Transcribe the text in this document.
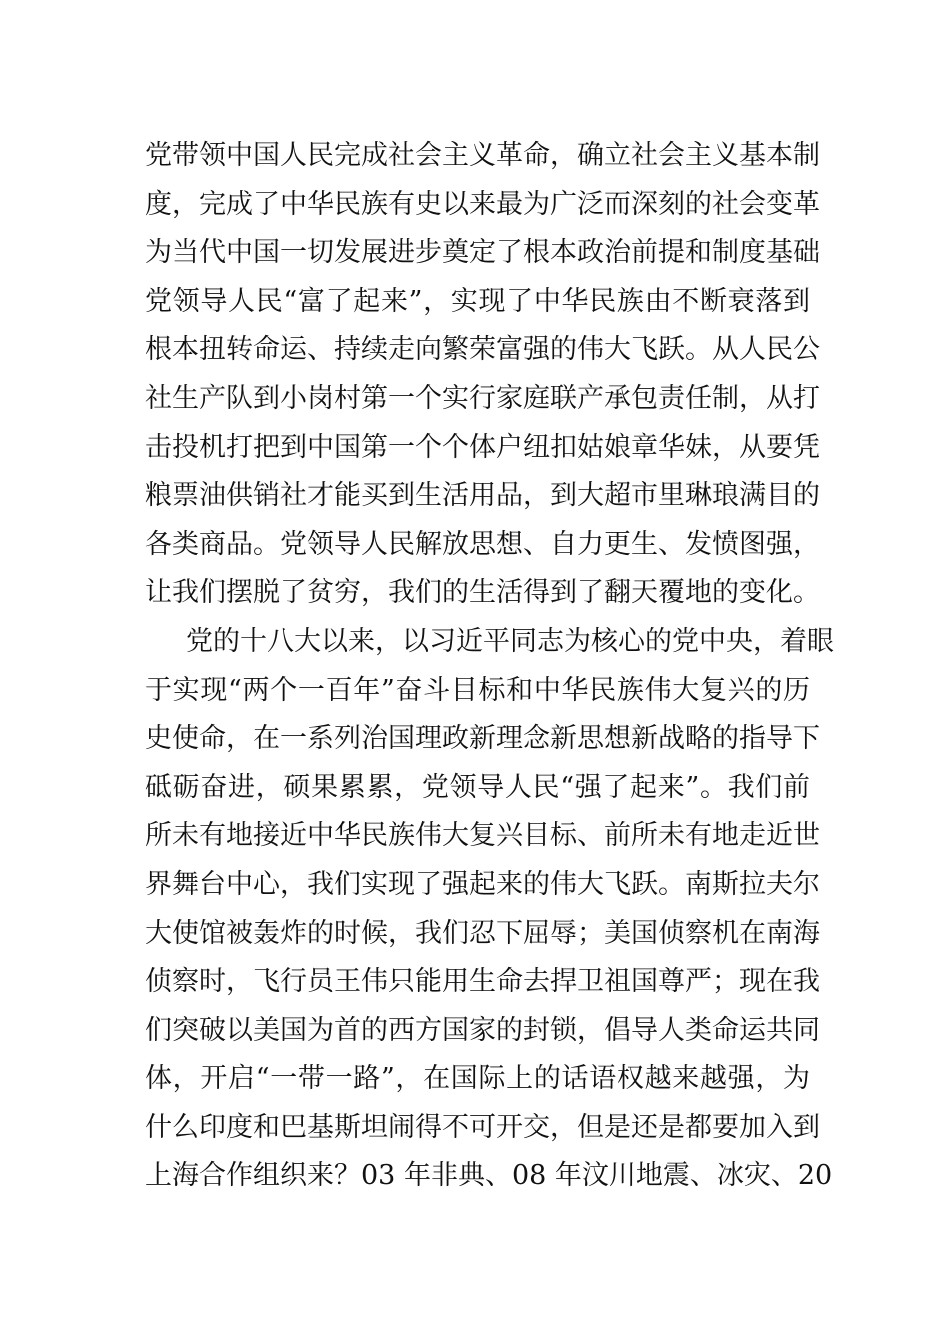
党带领中国人民完成社会主义革命，确立社会主义基本制
度，完成了中华民族有史以来最为广泛而深刻的社会变革
为当代中国一切发展进步奠定了根本政治前提和制度基础
党领导人民“富了起来”，实现了中华民族由不断衰落到
根本扭转命运、持续走向繁荣富强的伟大飞跃。从人民公
社生产队到小岗村第一个实行家庭联产承包责任制，从打
击投机打把到中国第一个个体户纽扣姑娘章华妹，从要凭
粮票油供销社才能买到生活用品，到大超市里琳琅满目的
各类商品。党领导人民解放思想、自力更生、发愤图强，
让我们摆脱了贫穷，我们的生活得到了翻天覆地的变化。
党的十八大以来，以习近平同志为核心的党中央，着眼
于实现“两个一百年”奋斗目标和中华民族伟大复兴的历
史使命，在一系列治国理政新理念新思想新战略的指导下
砥砺奋进，硕果累累，党领导人民“强了起来”。我们前
所未有地接近中华民族伟大复兴目标、前所未有地走近世
界舞台中心，我们实现了强起来的伟大飞跃。南斯拉夫尔
大使馆被轰炸的时候，我们忍下屈辱；美国侦察机在南海
侦察时，飞行员王伟只能用生命去捍卫祖国尊严；现在我
们突破以美国为首的西方国家的封锁，倡导人类命运共同
体，开启“一带一路”，在国际上的话语权越来越强，为
什么印度和巴基斯坦闹得不可开交，但是还是都要加入到
上海合作组织来？03 年非典、08 年汶川地震、冰灾、20
